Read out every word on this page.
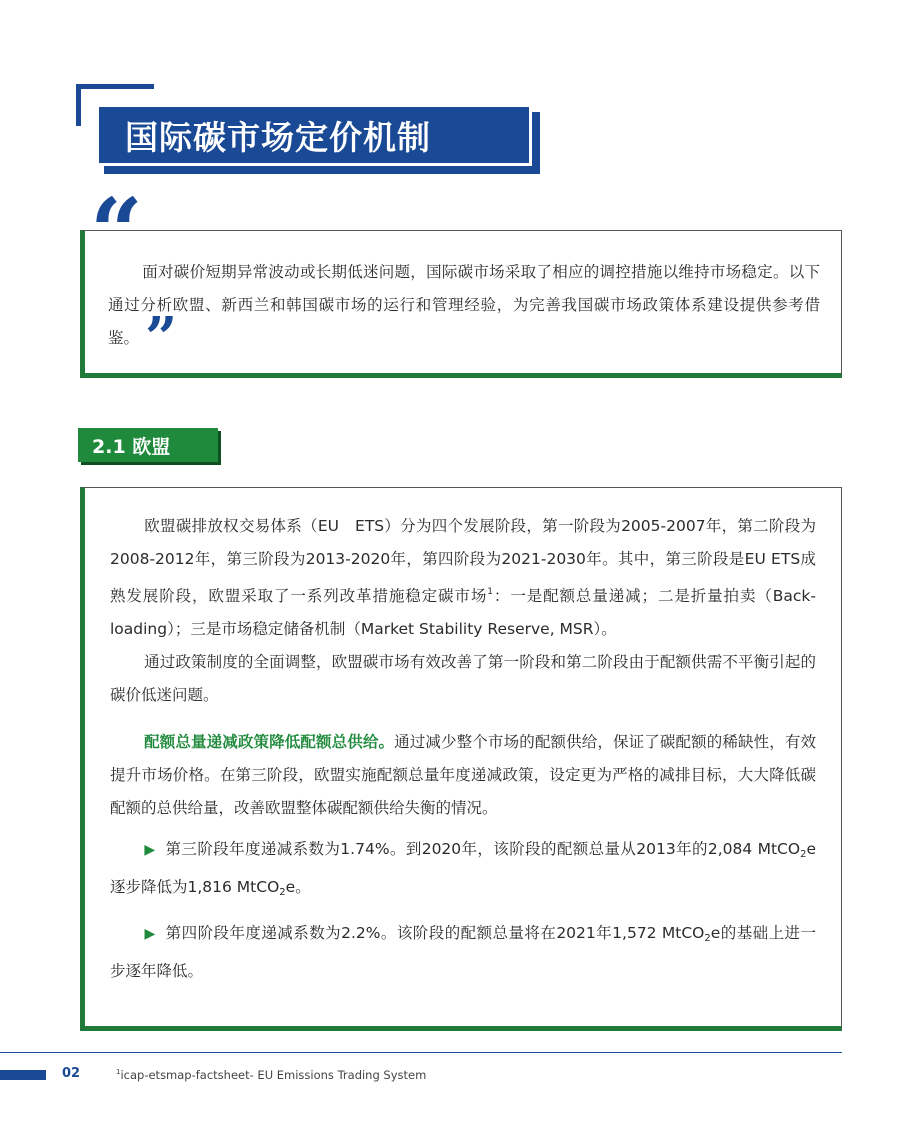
国际碳市场定价机制
“ 面对碳价短期异常波动或长期低迷问题，国际碳市场采取了相应的调控措施以维持市场稳定。以下通过分析欧盟、新西兰和韩国碳市场的运行和管理经验，为完善我国碳市场政策体系建设提供参考借鉴。 ”
2.1 欧盟

欧盟碳排放权交易体系（EU　ETS）分为四个发展阶段，第一阶段为2005-2007年，第二阶段为2008-2012年，第三阶段为2013-2020年，第四阶段为2021-2030年。其中，第三阶段是EU ETS成熟发展阶段，欧盟采取了一系列改革措施稳定碳市场$^1$：一是配额总量递减；二是折量拍卖（Back-loading）；三是市场稳定储备机制（Market Stability Reserve, MSR）。

通过政策制度的全面调整，欧盟碳市场有效改善了第一阶段和第二阶段由于配额供需不平衡引起的碳价低迷问题。

配额总量递减政策降低配额总供给。通过减少整个市场的配额供给，保证了碳配额的稀缺性，有效提升市场价格。在第三阶段，欧盟实施配额总量年度递减政策，设定更为严格的减排目标，大大降低碳配额的总供给量，改善欧盟整体碳配额供给失衡的情况。

▶ 第三阶段年度递减系数为1.74%。到2020年，该阶段的配额总量从2013年的2,084 MtCO$_2$e逐步降低为1,816 MtCO$_2$e。

▶ 第四阶段年度递减系数为2.2%。该阶段的配额总量将在2021年1,572 MtCO$_2$e的基础上进一步逐年降低。

02	$^1$icap-etsmap-factsheet- EU Emissions Trading System
